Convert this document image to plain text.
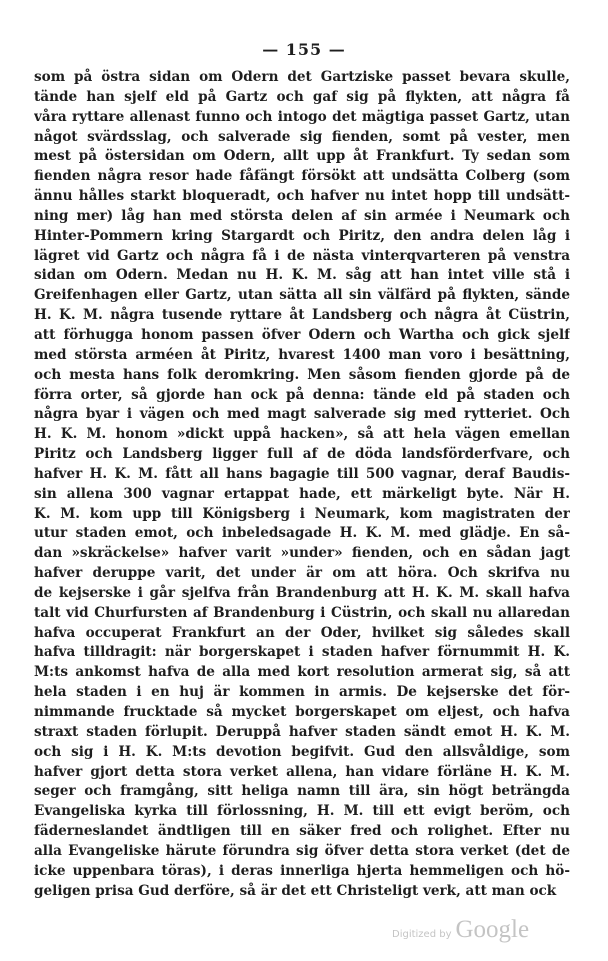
— 155 —
som på östra sidan om Odern det Gartziske passet bevara skulle,
tände han sjelf eld på Gartz och gaf sig på flykten, att några få
våra ryttare allenast funno och intogo det mägtiga passet Gartz, utan
något svärdsslag, och salverade sig fienden, somt på vester, men
mest på östersidan om Odern, allt upp åt Frankfurt. Ty sedan som
fienden några resor hade fåfängt försökt att undsätta Colberg (som
ännu hålles starkt bloqueradt, och hafver nu intet hopp till undsätt-
ning mer) låg han med största delen af sin armée i Neumark och
Hinter-Pommern kring Stargardt och Piritz, den andra delen låg i
lägret vid Gartz och några få i de nästa vinterqvarteren på venstra
sidan om Odern. Medan nu H. K. M. såg att han intet ville stå i
Greifenhagen eller Gartz, utan sätta all sin välfärd på flykten, sände
H. K. M. några tusende ryttare åt Landsberg och några åt Cüstrin,
att förhugga honom passen öfver Odern och Wartha och gick sjelf
med största arméen åt Piritz, hvarest 1400 man voro i besättning,
och mesta hans folk deromkring. Men såsom fienden gjorde på de
förra orter, så gjorde han ock på denna: tände eld på staden och
några byar i vägen och med magt salverade sig med rytteriet. Och
H. K. M. honom »dickt uppå hacken», så att hela vägen emellan
Piritz och Landsberg ligger full af de döda landsförderfvare, och
hafver H. K. M. fått all hans bagagie till 500 vagnar, deraf Baudis-
sin allena 300 vagnar ertappat hade, ett märkeligt byte. När H.
K. M. kom upp till Königsberg i Neumark, kom magistraten der
utur staden emot, och inbeledsagade H. K. M. med glädje. En så-
dan »skräckelse» hafver varit »under» fienden, och en sådan jagt
hafver deruppe varit, det under är om att höra. Och skrifva nu
de kejserske i går sjelfva från Brandenburg att H. K. M. skall hafva
talt vid Churfursten af Brandenburg i Cüstrin, och skall nu allaredan
hafva occuperat Frankfurt an der Oder, hvilket sig således skall
hafva tilldragit: när borgerskapet i staden hafver förnummit H. K.
M:ts ankomst hafva de alla med kort resolution armerat sig, så att
hela staden i en huj är kommen in armis. De kejserske det för-
nimmande frucktade så mycket borgerskapet om eljest, och hafva
straxt staden förlupit. Deruppå hafver staden sändt emot H. K. M.
och sig i H. K. M:ts devotion begifvit. Gud den allsvåldige, som
hafver gjort detta stora verket allena, han vidare förläne H. K. M.
seger och framgång, sitt heliga namn till ära, sin högt beträngda
Evangeliska kyrka till förlossning, H. M. till ett evigt beröm, och
fäderneslandet ändtligen till en säker fred och rolighet. Efter nu
alla Evangeliske härute förundra sig öfver detta stora verket (det de
icke uppenbara töras), i deras innerliga hjerta hemmeligen och hö-
geligen prisa Gud derföre, så är det ett Christeligt verk, att man ock
Digitized by Google
